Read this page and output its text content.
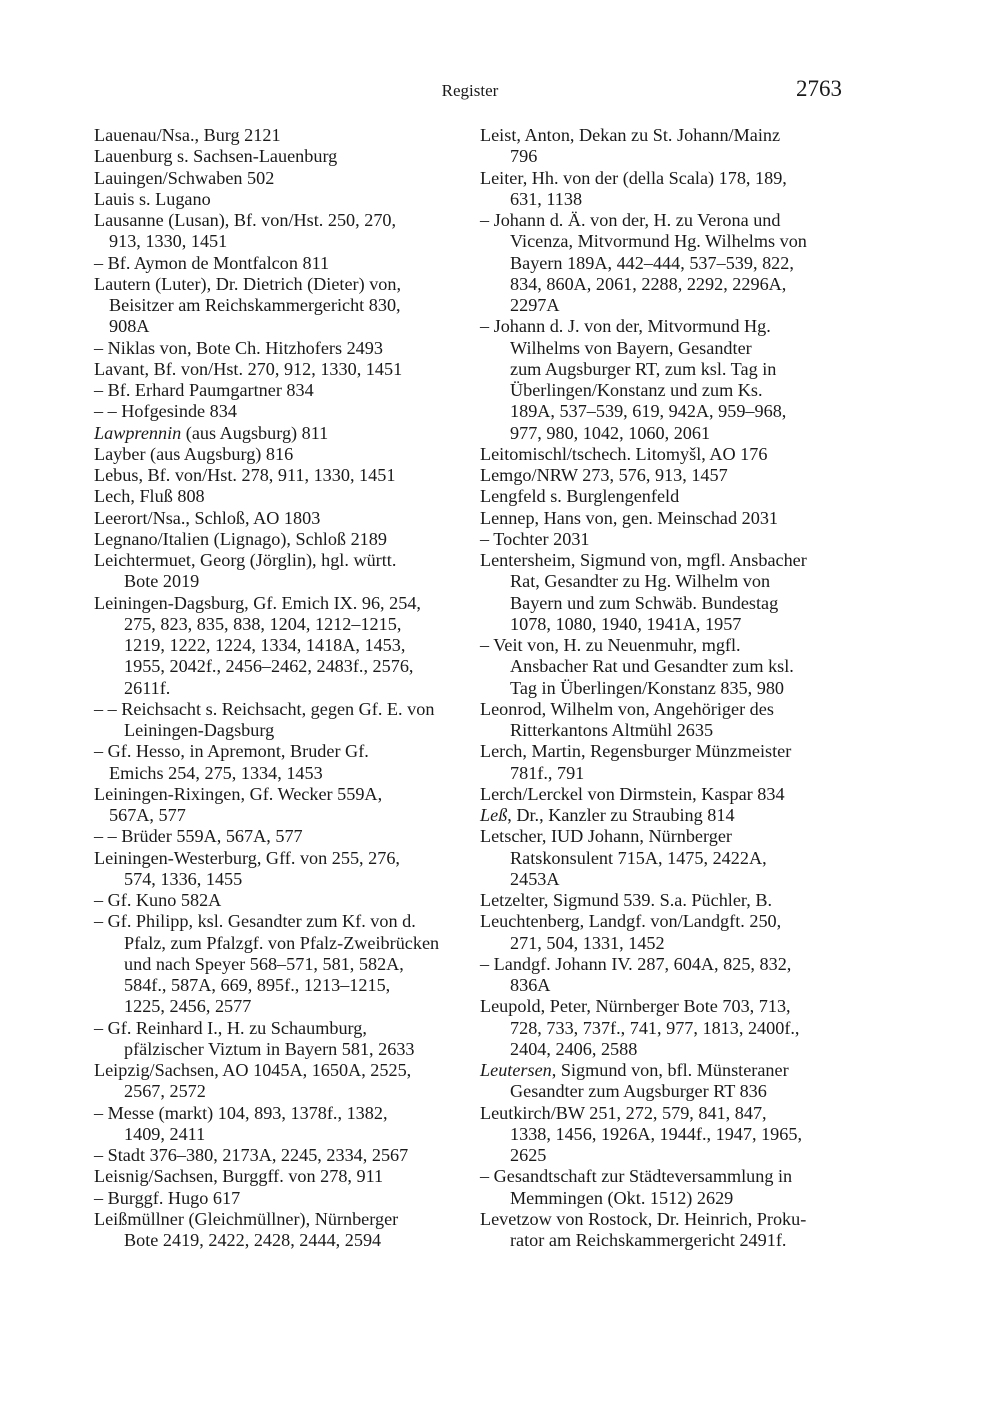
Register	2763
Lauenau/Nsa., Burg 2121
Lauenburg s. Sachsen-Lauenburg
Lauingen/Schwaben 502
Lauis s. Lugano
Lausanne (Lusan), Bf. von/Hst. 250, 270,
913, 1330, 1451
– Bf. Aymon de Montfalcon 811
Lautern (Luter), Dr. Dietrich (Dieter) von,
Beisitzer am Reichskammergericht 830,
908A
– Niklas von, Bote Ch. Hitzhofers 2493
Lavant, Bf. von/Hst. 270, 912, 1330, 1451
– Bf. Erhard Paumgartner 834
– – Hofgesinde 834
Lawprennin (aus Augsburg) 811
Layber (aus Augsburg) 816
Lebus, Bf. von/Hst. 278, 911, 1330, 1451
Lech, Fluß 808
Leerort/Nsa., Schloß, AO 1803
Legnano/Italien (Lignago), Schloß 2189
Leichtermuet, Georg (Jörglin), hgl. württ.
Bote 2019
Leiningen-Dagsburg, Gf. Emich IX. 96, 254,
275, 823, 835, 838, 1204, 1212–1215,
1219, 1222, 1224, 1334, 1418A, 1453,
1955, 2042f., 2456–2462, 2483f., 2576,
2611f.
– – Reichsacht s. Reichsacht, gegen Gf. E. von
Leiningen-Dagsburg
– Gf. Hesso, in Apremont, Bruder Gf.
Emichs 254, 275, 1334, 1453
Leiningen-Rixingen, Gf. Wecker 559A,
567A, 577
– – Brüder 559A, 567A, 577
Leiningen-Westerburg, Gff. von 255, 276,
574, 1336, 1455
– Gf. Kuno 582A
– Gf. Philipp, ksl. Gesandter zum Kf. von d.
Pfalz, zum Pfalzgf. von Pfalz-Zweibrücken
und nach Speyer 568–571, 581, 582A,
584f., 587A, 669, 895f., 1213–1215,
1225, 2456, 2577
– Gf. Reinhard I., H. zu Schaumburg,
pfälzischer Viztum in Bayern 581, 2633
Leipzig/Sachsen, AO 1045A, 1650A, 2525,
2567, 2572
– Messe (markt) 104, 893, 1378f., 1382,
1409, 2411
– Stadt 376–380, 2173A, 2245, 2334, 2567
Leisnig/Sachsen, Burggff. von 278, 911
– Burggf. Hugo 617
Leißmüllner (Gleichmüllner), Nürnberger
Bote 2419, 2422, 2428, 2444, 2594
Leist, Anton, Dekan zu St. Johann/Mainz
796
Leiter, Hh. von der (della Scala) 178, 189,
631, 1138
– Johann d. Ä. von der, H. zu Verona und
Vicenza, Mitvormund Hg. Wilhelms von
Bayern 189A, 442–444, 537–539, 822,
834, 860A, 2061, 2288, 2292, 2296A,
2297A
– Johann d. J. von der, Mitvormund Hg.
Wilhelms von Bayern, Gesandter
zum Augsburger RT, zum ksl. Tag in
Überlingen/Konstanz und zum Ks.
189A, 537–539, 619, 942A, 959–968,
977, 980, 1042, 1060, 2061
Leitomischl/tschech. Litomyšl, AO 176
Lemgo/NRW 273, 576, 913, 1457
Lengfeld s. Burglengenfeld
Lennep, Hans von, gen. Meinschad 2031
– Tochter 2031
Lentersheim, Sigmund von, mgfl. Ansbacher
Rat, Gesandter zu Hg. Wilhelm von
Bayern und zum Schwäb. Bundestag
1078, 1080, 1940, 1941A, 1957
– Veit von, H. zu Neuenmuhr, mgfl.
Ansbacher Rat und Gesandter zum ksl.
Tag in Überlingen/Konstanz 835, 980
Leonrod, Wilhelm von, Angehöriger des
Ritterkantons Altmühl 2635
Lerch, Martin, Regensburger Münzmeister
781f., 791
Lerch/Lerckel von Dirmstein, Kaspar 834
Leß, Dr., Kanzler zu Straubing 814
Letscher, IUD Johann, Nürnberger
Ratskonsulent 715A, 1475, 2422A,
2453A
Letzelter, Sigmund 539. S.a. Püchler, B.
Leuchtenberg, Landgf. von/Landgft. 250,
271, 504, 1331, 1452
– Landgf. Johann IV. 287, 604A, 825, 832,
836A
Leupold, Peter, Nürnberger Bote 703, 713,
728, 733, 737f., 741, 977, 1813, 2400f.,
2404, 2406, 2588
Leutersen, Sigmund von, bfl. Münsteraner
Gesandter zum Augsburger RT 836
Leutkirch/BW 251, 272, 579, 841, 847,
1338, 1456, 1926A, 1944f., 1947, 1965,
2625
– Gesandtschaft zur Städteversammlung in
Memmingen (Okt. 1512) 2629
Levetzow von Rostock, Dr. Heinrich, Proku-
rator am Reichskammergericht 2491f.
